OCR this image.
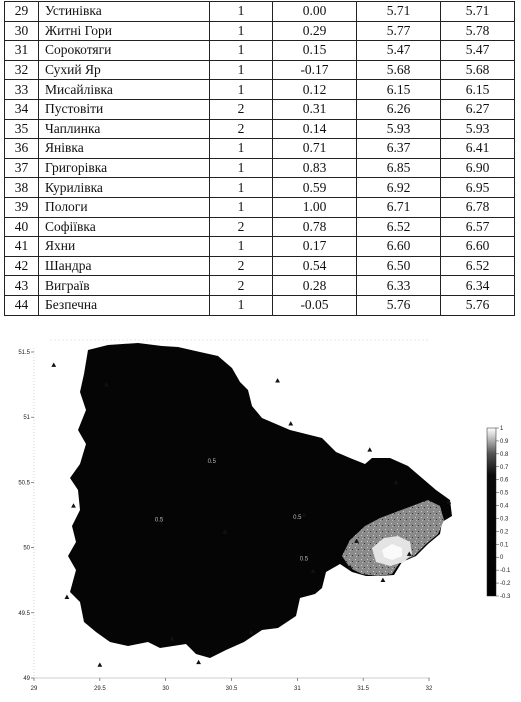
29	Устинівка	1	0.00	5.71	5.71
30	Житні Гори	1	0.29	5.77	5.78
31	Сорокотяги	1	0.15	5.47	5.47
32	Сухий Яр	1	-0.17	5.68	5.68
33	Мисайлівка	1	0.12	6.15	6.15
34	Пустовіти	2	0.31	6.26	6.27
35	Чаплинка	2	0.14	5.93	5.93
36	Янівка	1	0.71	6.37	6.41
37	Григорівка	1	0.83	6.85	6.90
38	Курилівка	1	0.59	6.92	6.95
39	Пологи	1	1.00	6.71	6.78
40	Софіївка	2	0.78	6.52	6.57
41	Яхни	1	0.17	6.60	6.60
42	Шандра	2	0.54	6.50	6.52
43	Виграїв	2	0.28	6.33	6.34
44	Безпечна	1	-0.05	5.76	5.76
0.5	0.5
0.5
0.5
29	29.5	30	30.5	31	31.5	32
51.5
51
50.5
50
49.5
49
1
0.9
0.8
0.7
0.6
0.5
0.4
0.3
0.2
0.1
0
-0.1
-0.2
-0.3
